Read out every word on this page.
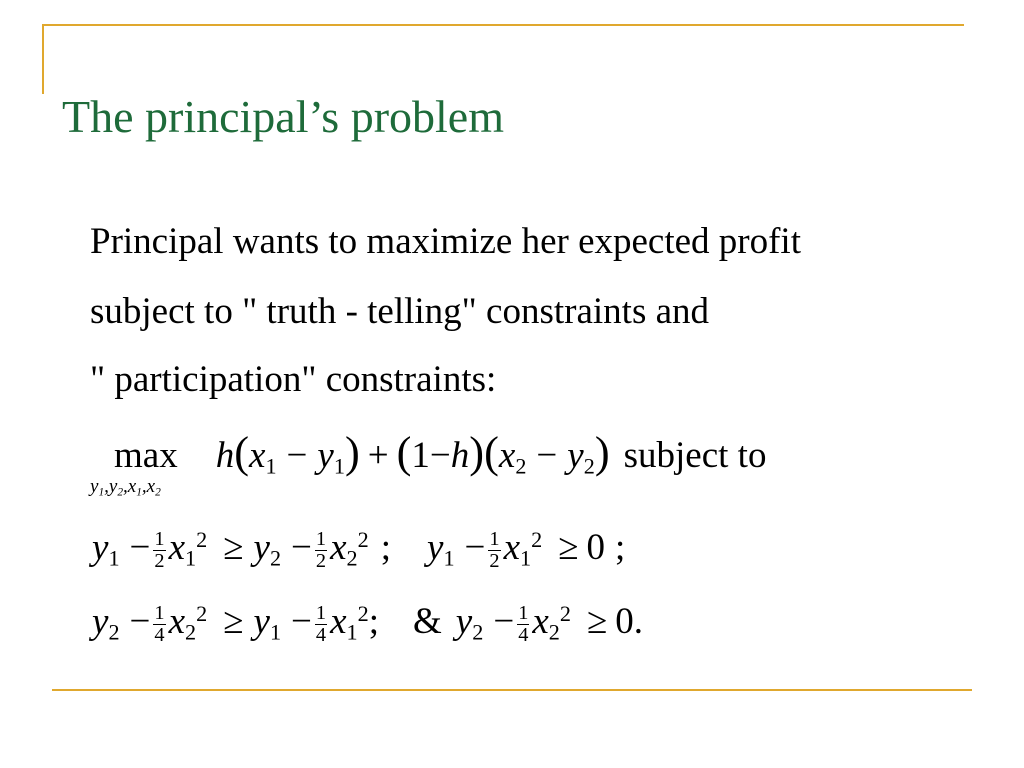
The principal’s problem
Principal wants to maximize her expected profit
subject to " truth - telling" constraints and
" participation" constraints:
$\max h(x_1 - y_1) + (1-h)(x_2 - y_2)$ subject to
$y_1,y_2,x_1,x_2$
$y_1 - \frac{1}{2} x_1^2 \ge y_2 - \frac{1}{2} x_2^2$ ; $y_1 - \frac{1}{2} x_1^2 \ge 0$ ;
$y_2 - \frac{1}{4} x_2^2 \ge y_1 - \frac{1}{4} x_1^2$; & $y_2 - \frac{1}{4} x_2^2 \ge 0$.
